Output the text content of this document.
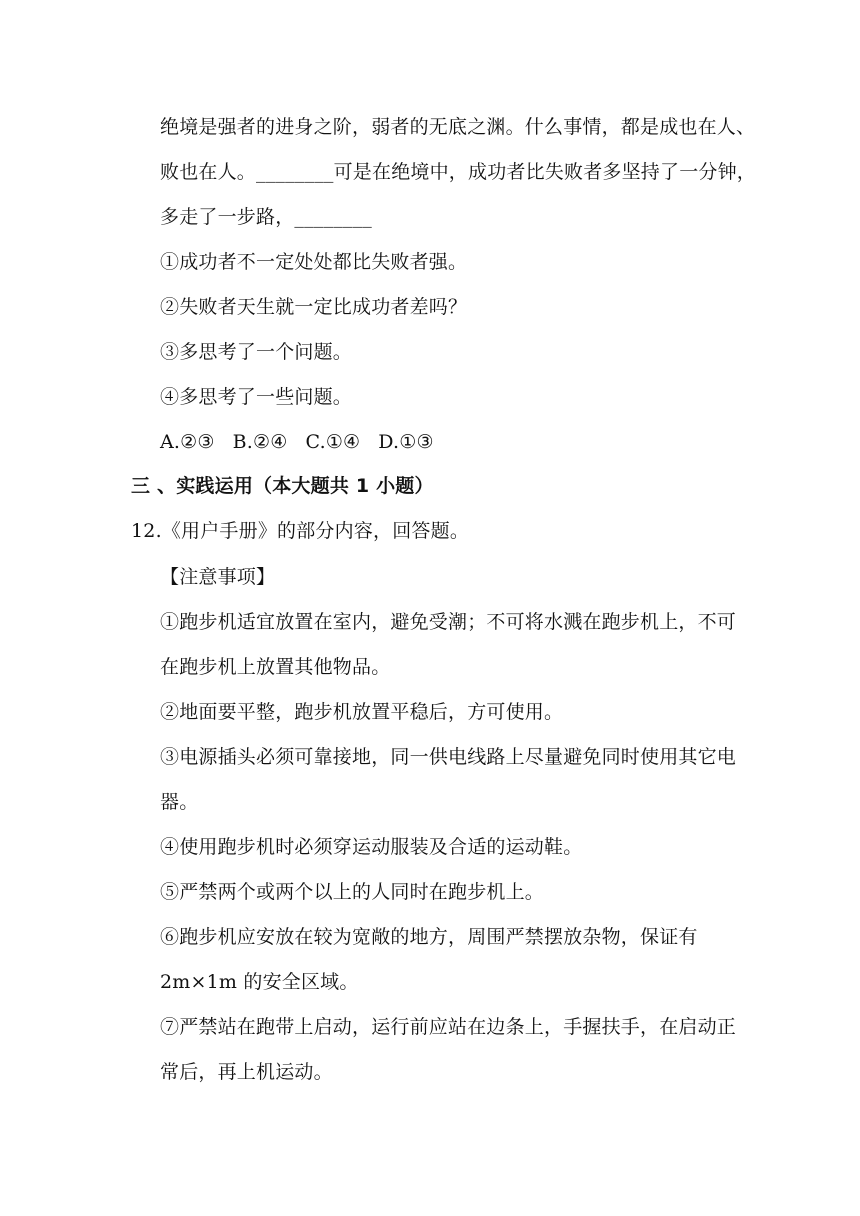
绝境是强者的进身之阶，弱者的无底之渊。什么事情，都是成也在人、
败也在人。________可是在绝境中，成功者比失败者多坚持了一分钟，
多走了一步路，________
①成功者不一定处处都比失败者强。
②失败者天生就一定比成功者差吗？
③多思考了一个问题。
④多思考了一些问题。
A.②③ B.②④ C.①④ D.①③
三 、实践运用（本大题共 1 小题）
12.《用户手册》的部分内容，回答题。
【注意事项】
①跑步机适宜放置在室内，避免受潮；不可将水溅在跑步机上，不可
在跑步机上放置其他物品。
②地面要平整，跑步机放置平稳后，方可使用。
③电源插头必须可靠接地，同一供电线路上尽量避免同时使用其它电
器。
④使用跑步机时必须穿运动服装及合适的运动鞋。
⑤严禁两个或两个以上的人同时在跑步机上。
⑥跑步机应安放在较为宽敞的地方，周围严禁摆放杂物，保证有
2m×1m 的安全区域。
⑦严禁站在跑带上启动，运行前应站在边条上，手握扶手，在启动正
常后，再上机运动。
